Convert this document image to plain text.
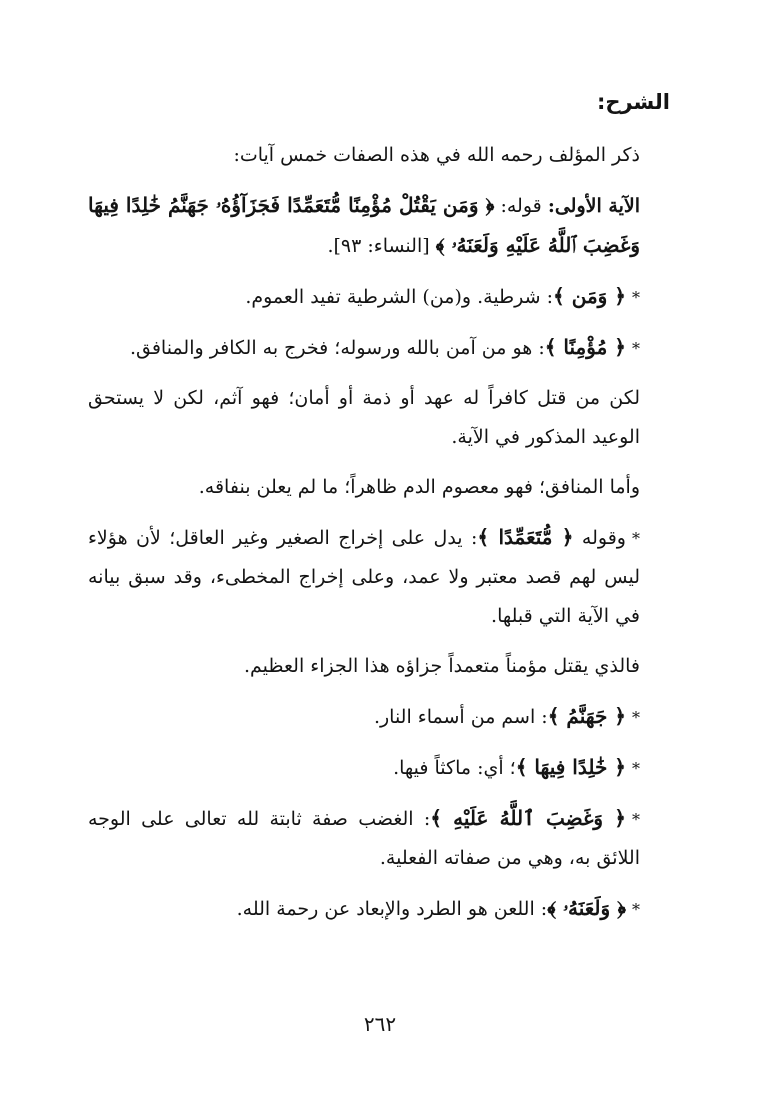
الشرح:

ذكر المؤلف رحمه الله في هذه الصفات خمس آيات:

الآية الأولى: قوله: ﴿ وَمَن يَقْتُلْ مُؤْمِنًا مُّتَعَمِّدًا فَجَزَآؤُهُۥ جَهَنَّمُ خَٰلِدًا فِيهَا وَغَضِبَ ٱللَّهُ عَلَيْهِ وَلَعَنَهُۥ ﴾ [النساء: ٩٣].

*﴿ وَمَن ﴾: شرطية. و(من) الشرطية تفيد العموم.

*﴿ مُؤْمِنًا ﴾: هو من آمن بالله ورسوله؛ فخرج به الكافر والمنافق.

لكن من قتل كافراً له عهد أو ذمة أو أمان؛ فهو آثم، لكن لا يستحق الوعيد المذكور في الآية.

وأما المنافق؛ فهو معصوم الدم ظاهراً؛ ما لم يعلن بنفاقه.

*وقوله ﴿ مُّتَعَمِّدًا ﴾: يدل على إخراج الصغير وغير العاقل؛ لأن هؤلاء ليس لهم قصد معتبر ولا عمد، وعلى إخراج المخطىء، وقد سبق بيانه في الآية التي قبلها.

فالذي يقتل مؤمناً متعمداً جزاؤه هذا الجزاء العظيم.

*﴿ جَهَنَّمُ ﴾: اسم من أسماء النار.

*﴿ خَٰلِدًا فِيهَا ﴾؛ أي: ماكثاً فيها.

*﴿ وَغَضِبَ ٱللَّهُ عَلَيْهِ ﴾: الغضب صفة ثابتة لله تعالى على الوجه اللائق به، وهي من صفاته الفعلية.

*﴿ وَلَعَنَهُۥ ﴾: اللعن هو الطرد والإبعاد عن رحمة الله.

٢٦٢
